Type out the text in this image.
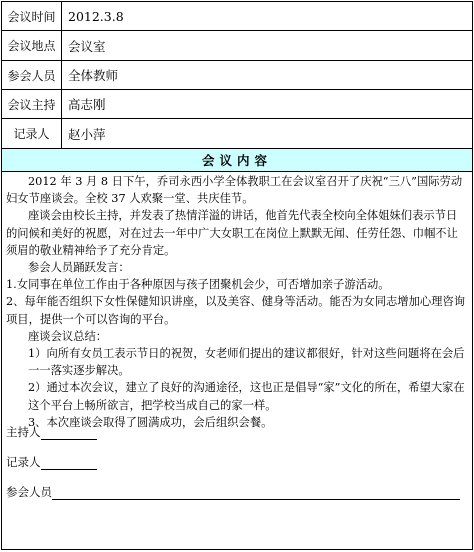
会议时间	2012.3.8
会议地点	会议室
参会人员	全体教师
会议主持	高志刚
记录人	赵小萍
会议内容

2012 年 3 月 8 日下午，乔司永西小学全体教职工在会议室召开了庆祝“三八”国际劳动妇女节座谈会。全校 37 人欢聚一堂、共庆佳节。

座谈会由校长主持，并发表了热情洋溢的讲话，他首先代表全校向全体姐妹们表示节日的问候和美好的祝愿，对在过去一年中广大女职工在岗位上默默无闻、任劳任怨、巾帼不让须眉的敬业精神给予了充分肯定。

参会人员踊跃发言：

1.女同事在单位工作由于各种原因与孩子团聚机会少，可否增加亲子游活动。

2、每年能否组织下女性保健知识讲座，以及美容、健身等活动。能否为女同志增加心理咨询项目，提供一个可以咨询的平台。

座谈会议总结：

1）向所有女员工表示节日的祝贺，女老师们提出的建议都很好，针对这些问题将在会后一一落实逐步解决。

2）通过本次会议，建立了良好的沟通途径，这也正是倡导“家”文化的所在，希望大家在这个平台上畅所欲言，把学校当成自己的家一样。

3、本次座谈会取得了圆满成功，会后组织会餐。

主持人
记录人
参会人员
